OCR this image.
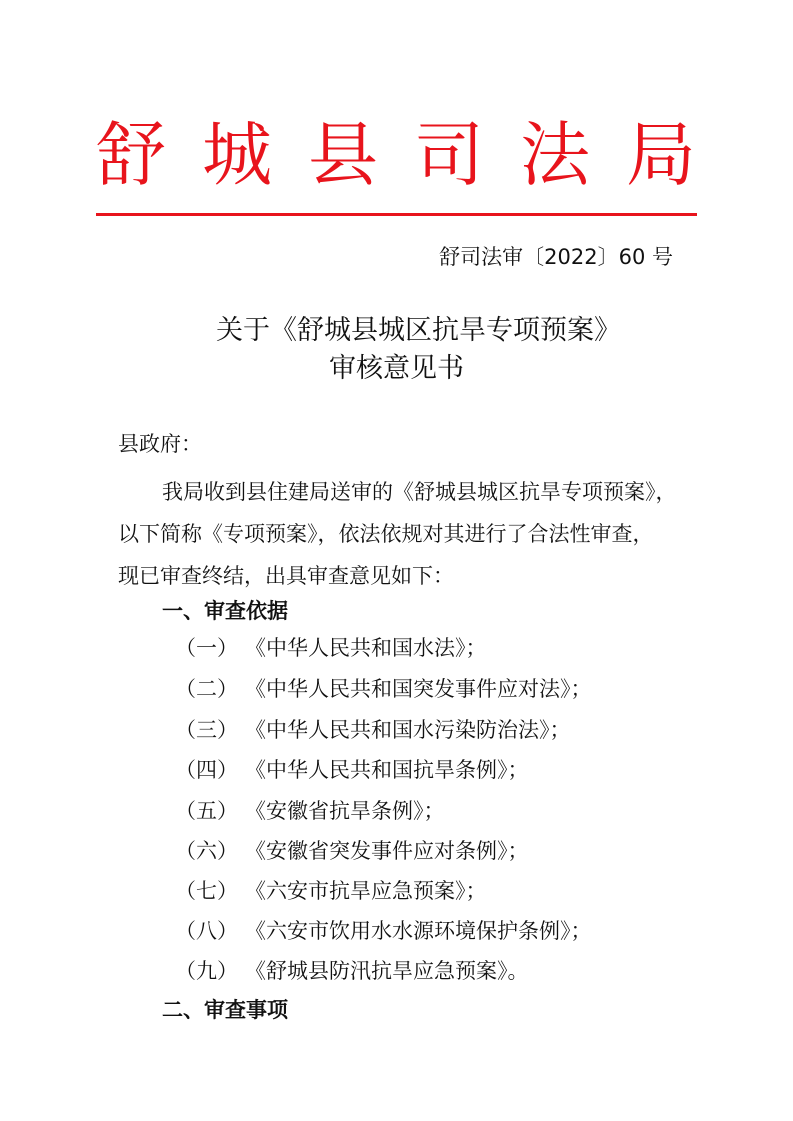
舒 城 县 司 法 局
舒司法审〔2022〕60 号
关于《舒城县城区抗旱专项预案》
审核意见书
县政府：
我局收到县住建局送审的《舒城县城区抗旱专项预案》，
以下简称《专项预案》，依法依规对其进行了合法性审查，
现已审查终结，出具审查意见如下：
一、审查依据
（一） 《中华人民共和国水法》；
（二） 《中华人民共和国突发事件应对法》；
（三） 《中华人民共和国水污染防治法》；
（四） 《中华人民共和国抗旱条例》；
（五） 《安徽省抗旱条例》；
（六） 《安徽省突发事件应对条例》；
（七） 《六安市抗旱应急预案》；
（八） 《六安市饮用水水源环境保护条例》；
（九） 《舒城县防汛抗旱应急预案》。
二、审查事项
